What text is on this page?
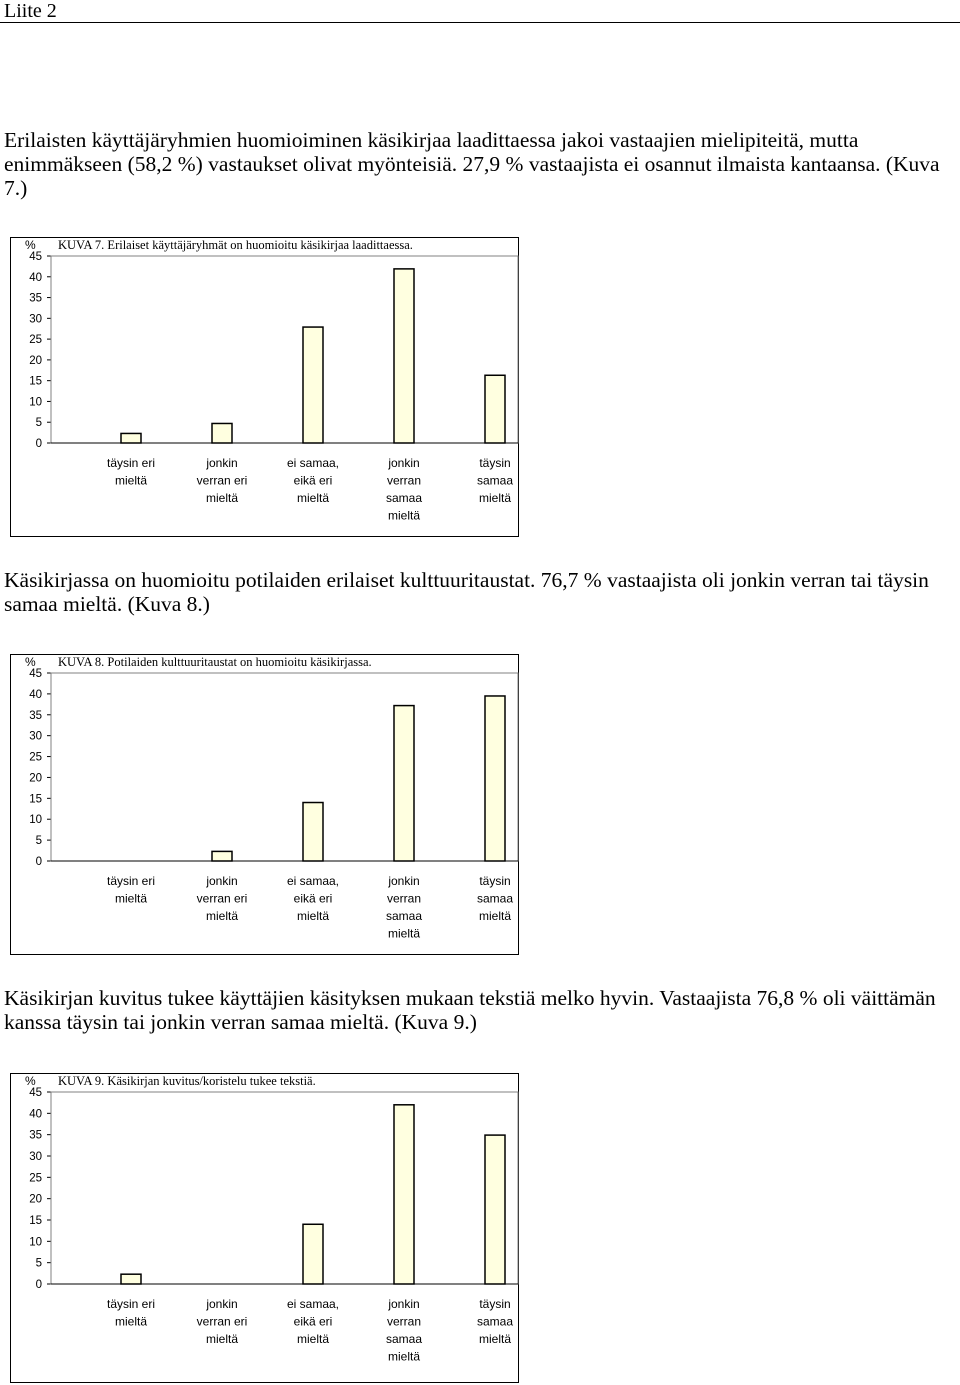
Liite 2
Erilaisten käyttäjäryhmien huomioiminen käsikirjaa laadittaessa jakoi vastaajien mielipiteitä, mutta enimmäkseen (58,2 %) vastaukset olivat myönteisiä. 27,9 % vastaajista ei osannut ilmaista kantaansa. (Kuva 7.)
% KUVA 7. Erilaiset käyttäjäryhmät on huomioitu käsikirjaa laadittaessa.
0
5
10
15
20
25
30
35
40
45
täysin eri
mieltä
jonkin
verran eri
mieltä
ei samaa,
eikä eri
mieltä
jonkin
verran
samaa
mieltä
täysin
samaa
mieltä
Käsikirjassa on huomioitu potilaiden erilaiset kulttuuritaustat. 76,7 % vastaajista oli jonkin verran tai täysin samaa mieltä. (Kuva 8.)
% KUVA 8. Potilaiden kulttuuritaustat on huomioitu käsikirjassa.
0
5
10
15
20
25
30
35
40
45
täysin eri
mieltä
jonkin
verran eri
mieltä
ei samaa,
eikä eri
mieltä
jonkin
verran
samaa
mieltä
täysin
samaa
mieltä
Käsikirjan kuvitus tukee käyttäjien käsityksen mukaan tekstiä melko hyvin. Vastaajista 76,8 % oli väittämän kanssa täysin tai jonkin verran samaa mieltä. (Kuva 9.)
% KUVA 9. Käsikirjan kuvitus/koristelu tukee tekstiä.
0
5
10
15
20
25
30
35
40
45
täysin eri
mieltä
jonkin
verran eri
mieltä
ei samaa,
eikä eri
mieltä
jonkin
verran
samaa
mieltä
täysin
samaa
mieltä
